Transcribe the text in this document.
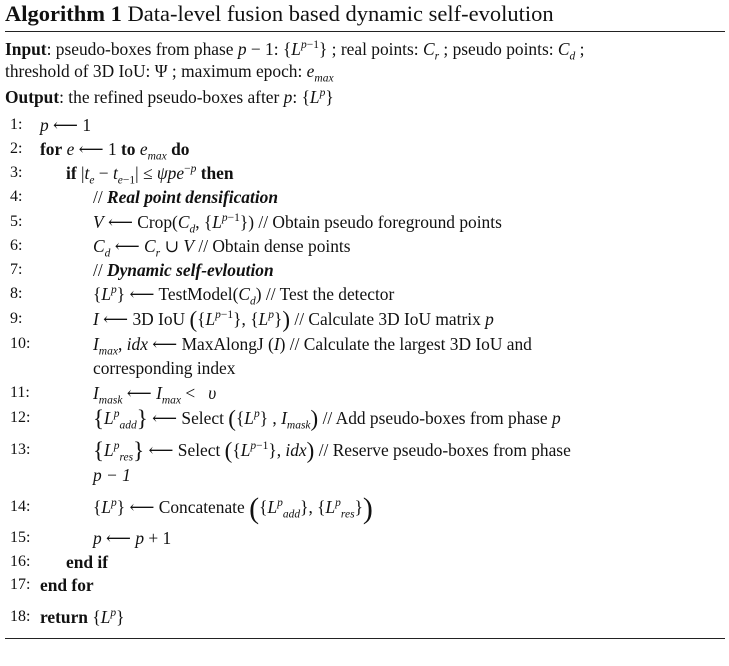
Algorithm 1 Data-level fusion based dynamic self-evolution
Input: pseudo-boxes from phase p − 1: $\{L^{p-1}\}$ ; real points: $C_r$ ; pseudo points: $C_d$ ;
threshold of 3D IoU: Ψ ; maximum epoch: $e_{max}$
Output: the refined pseudo-boxes after p: $\{L^p\}$
1:	p ⟵ 1
2:	for e ⟵ 1 to $e_{max}$ do
3:	if $|t_e - t_{e-1}| \le \psi pe^{-p}$ then
4:	// Real point densification
5:	V ⟵ $Crop(C_d$, $\{L^{p-1}\}$) // Obtain pseudo foreground points
6:	$C_d$ ⟵ $C_r$ ∪ V // Obtain dense points
7:	// Dynamic self-evloution
8:	$\{L^p\}$ ⟵ $TestModel(C_d)$ // Test the detector
9:	I ⟵ 3D IoU ($\{L^{p-1}\}$, $\{L^p\}$) // Calculate 3D IoU matrix p
10:	$I_{max}$, idx ⟵ MaxAlongJ (I) // Calculate the largest 3D IoU and
corresponding index
11:	$I_{mask}$ ⟵ $I_{max} < \upsilon$
12:	$\{L^p_{add}\}$ ⟵ Select ($\{L^p\}$ , $I_{mask}$) // Add pseudo-boxes from phase p
13:	$\{L^p_{res}\}$ ⟵ Select ($\{L^{p-1}\}$, idx) // Reserve pseudo-boxes from phase
p − 1
14:	$\{L^p\}$ ⟵ Concatenate ($\{L^p_{add}\}$, $\{L^p_{res}\}$)
15:	p ⟵ p + 1
16:	end if
17: end for
18: return $\{L^p\}$
